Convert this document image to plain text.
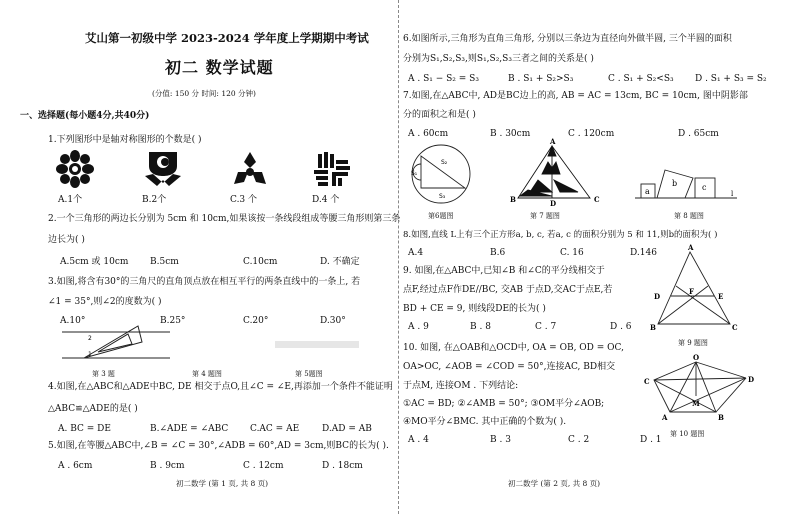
艾山第一初级中学 2023-2024 学年度上学期期中考试
初二 数学试题
(分值: 150 分 时间: 120 分钟)
一、选择题(每小题4分,共40分)
1.下列图形中是轴对称图形的个数是( )
A.1个	B.2个	C.3 个	D.4 个
2.一个三角形的两边长分别为 5cm 和 10cm,如果该按一条线段组成等腰三角形则第三条
边长为( )
A.5cm 或 10cm B.5cm	C.10cm	D. 不确定
3.如图,将含有30°的三角尺的直角顶点放在相互平行的两条直线中的一条上, 若
∠1 = 35°,则∠2的度数为( )
A.10°	B.25°	C.20°	D.30°
2
1
第 3 题	第 4 题图	第 5题图
4.如图,在△ABC和△ADE中BC, DE 相交于点O,且∠C = ∠E,再添加一个条件不能证明
△ABC≌△ADE的是( )
A. BC = DE	B.∠ADE = ∠ABC C.AC = AE	D.AD = AB
5.如图,在等腰△ABC中,∠B = ∠C = 30°,∠ADB = 60°,AD = 3cm,则BC的长为( ).
A . 6cm	B . 9cm	C . 12cm	D . 18cm
初二数学 (第 1 页, 共 8 页)
6.如图所示,三角形为直角三角形, 分别以三条边为直径向外做半圆, 三个半圆的面积
分别为S₁,S₂,S₃,则S₁,S₂,S₃三者之间的关系是( )
A . S₁ − S₂ = S₃	B . S₁ + S₂>S₃	C . S₁ + S₂<S₃ D . S₁ + S₃ = S₂
7.如图,在△ABC中, AD是BC边上的高, AB = AC = 13cm, BC = 10cm, 图中阴影部
分的面积之和是( )
A . 60cm	B . 30cm	C . 120cm	D . 65cm
S₁
S₂
S₃
A
B	D	C
a
b	c
l
第6题图	第 7 题图	第 8 题图
8.如图,直线 L上有三个正方形a, b, c, 若a, c 的面积分别为 5 和 11,则b的面积为( )
A.4	B.6	C. 16	D.146
9. 如图,在△ABC中,已知∠B 和∠C的平分线相交于
点F,经过点F作DE//BC, 交AB 于点D,交AC于点E,若
BD + CE = 9, 则线段DE的长为( )
A . 9	B . 8	C . 7	D . 6
A
D
F
E
B	C
第 9 题图
10. 如图, 在△OAB和△OCD中, OA = OB, OD = OC,
OA>OC, ∠AOB = ∠COD = 50°,连接AC, BD相交
于点M, 连接OM . 下列结论:
①AC = BD; ②∠AMB = 50°; ③OM平分∠AOB;
④MO平分∠BMC. 其中正确的个数为( ).
A . 4	B . 3	C . 2	D . 1
O
C	D
M
A	B
第 10 题图
初二数学 (第 2 页, 共 8 页)
